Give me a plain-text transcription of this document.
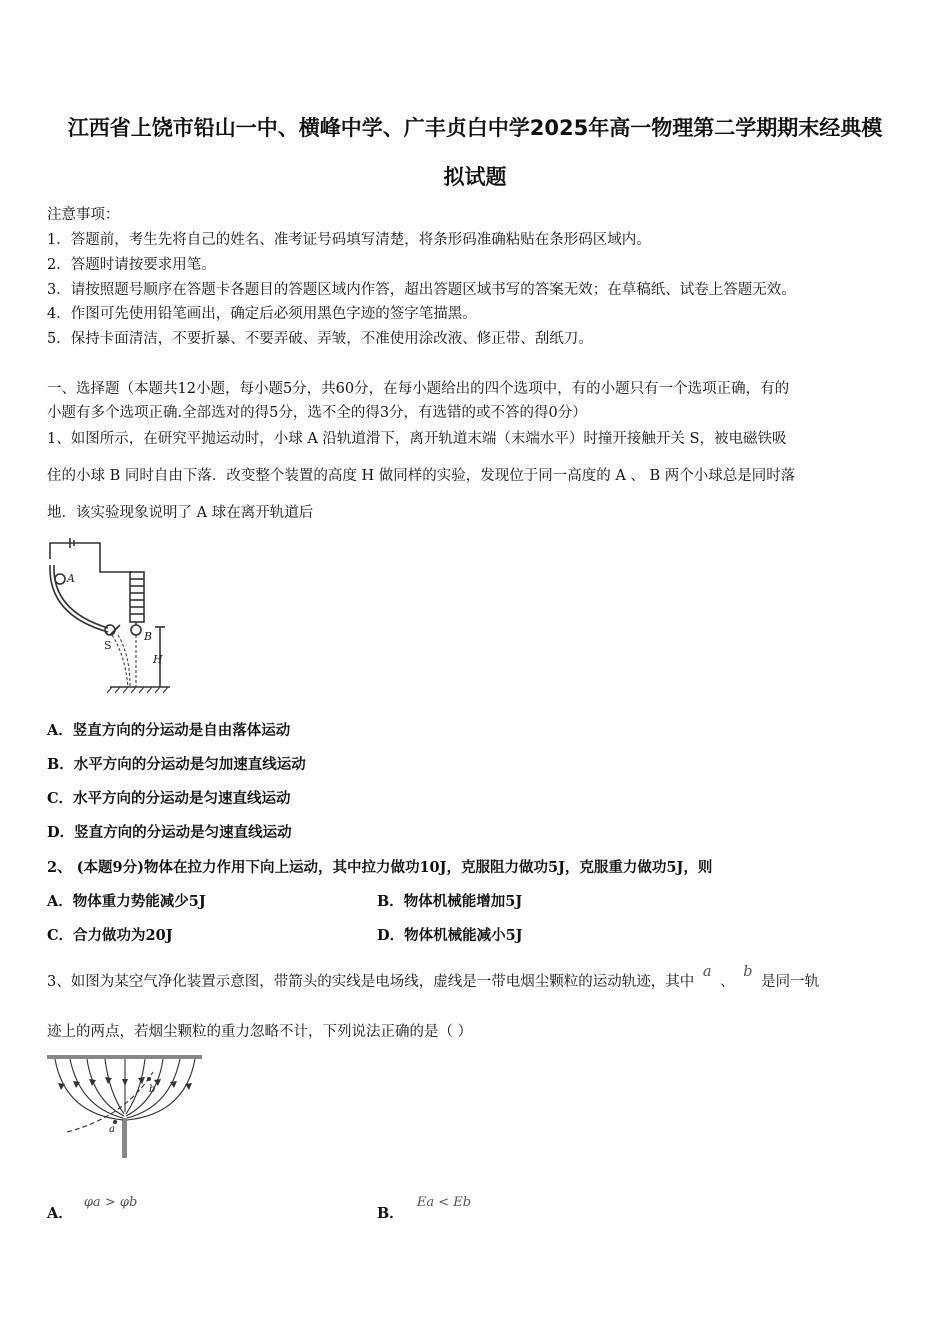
江西省上饶市铅山一中、横峰中学、广丰贞白中学2025年高一物理第二学期期末经典模
拟试题
注意事项：
1．答题前，考生先将自己的姓名、准考证号码填写清楚，将条形码准确粘贴在条形码区域内。
2．答题时请按要求用笔。
3．请按照题号顺序在答题卡各题目的答题区域内作答，超出答题区域书写的答案无效；在草稿纸、试卷上答题无效。
4．作图可先使用铅笔画出，确定后必须用黑色字迹的签字笔描黑。
5．保持卡面清洁，不要折暴、不要弄破、弄皱，不准使用涂改液、修正带、刮纸刀。
一、选择题（本题共12小题，每小题5分，共60分，在每小题给出的四个选项中，有的小题只有一个选项正确，有的
小题有多个选项正确.全部选对的得5分，选不全的得3分，有选错的或不答的得0分）
1、如图所示，在研究平抛运动时，小球 A 沿轨道滑下，离开轨道末端（末端水平）时撞开接触开关 S，被电磁铁吸
住的小球 B 同时自由下落．改变整个装置的高度 H 做同样的实验，发现位于同一高度的 A 、 B 两个小球总是同时落
地．该实验现象说明了 A 球在离开轨道后
A
S
B
H
A．竖直方向的分运动是自由落体运动
B．水平方向的分运动是匀加速直线运动
C．水平方向的分运动是匀速直线运动
D．竖直方向的分运动是匀速直线运动
2、 (本题9分)物体在拉力作用下向上运动，其中拉力做功10J，克服阻力做功5J，克服重力做功5J，则
A．物体重力势能减少5J	B．物体机械能增加5J
C．合力做功为20J	D．物体机械能减小5J
3、如图为某空气净化装置示意图，带箭头的实线是电场线，虚线是一带电烟尘颗粒的运动轨迹，其中 a 、 b 是同一轨
迹上的两点，若烟尘颗粒的重力忽略不计，下列说法正确的是（ ）
a
b
A． φa > φb
B． Ea < Eb
